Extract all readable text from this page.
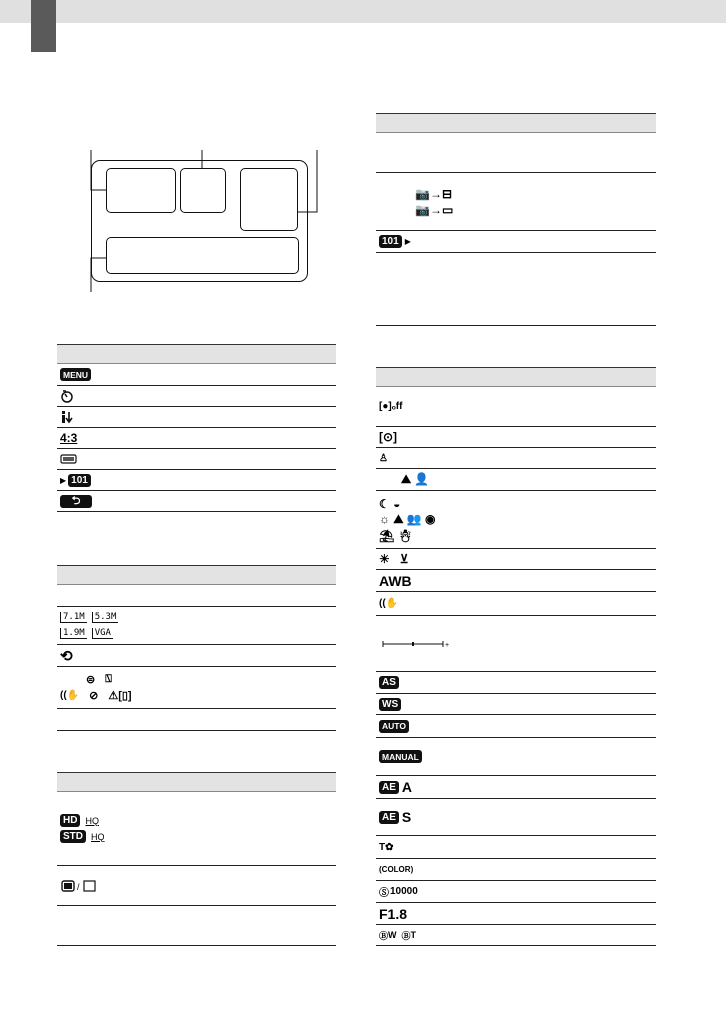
MENU
4:3
▶ 101
⮌
7.1M	5.3M
1.9M	VGA
⟲
⊜ ⍂
((✋ ⊘ ⚠[▯]
HD HQ
STD HQ
/
📷→⊟
📷→▭
101 ▶
[●]ₒff
[⊙]
♙
⛰ 👤
☾ ◒
☼ ⛰ 👥 ◉
⛱ ☃
☀   ⊻
AWB
((✋
+
AS
WS
AUTO
MANUAL
AE A
AE S
T ✿
( COLOR )
Ⓢ 10000
F1.8
Ⓑ W Ⓑ T
